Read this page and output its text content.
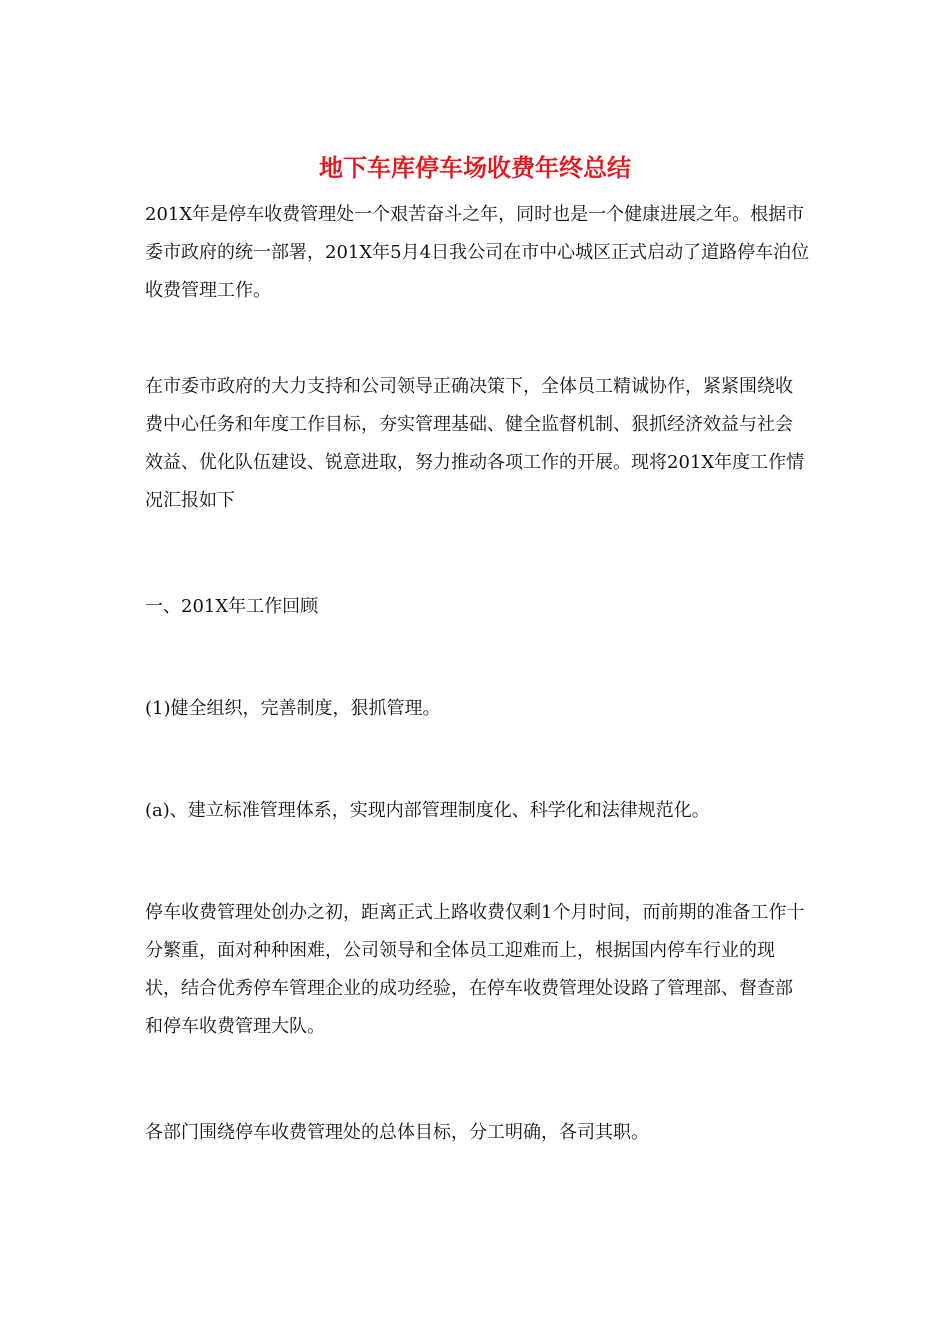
地下车库停车场收费年终总结

201X年是停车收费管理处一个艰苦奋斗之年，同时也是一个健康进展之年。根据市委市政府的统一部署，201X年5月4日我公司在市中心城区正式启动了道路停车泊位收费管理工作。

在市委市政府的大力支持和公司领导正确决策下，全体员工精诚协作，紧紧围绕收费中心任务和年度工作目标，夯实管理基础、健全监督机制、狠抓经济效益与社会效益、优化队伍建设、锐意进取，努力推动各项工作的开展。现将201X年度工作情况汇报如下

一、201X年工作回顾

(1)健全组织，完善制度，狠抓管理。

(a)、建立标准管理体系，实现内部管理制度化、科学化和法律规范化。

停车收费管理处创办之初，距离正式上路收费仅剩1个月时间，而前期的准备工作十分繁重，面对种种困难，公司领导和全体员工迎难而上，根据国内停车行业的现状，结合优秀停车管理企业的成功经验，在停车收费管理处设路了管理部、督查部和停车收费管理大队。

各部门围绕停车收费管理处的总体目标，分工明确，各司其职。
